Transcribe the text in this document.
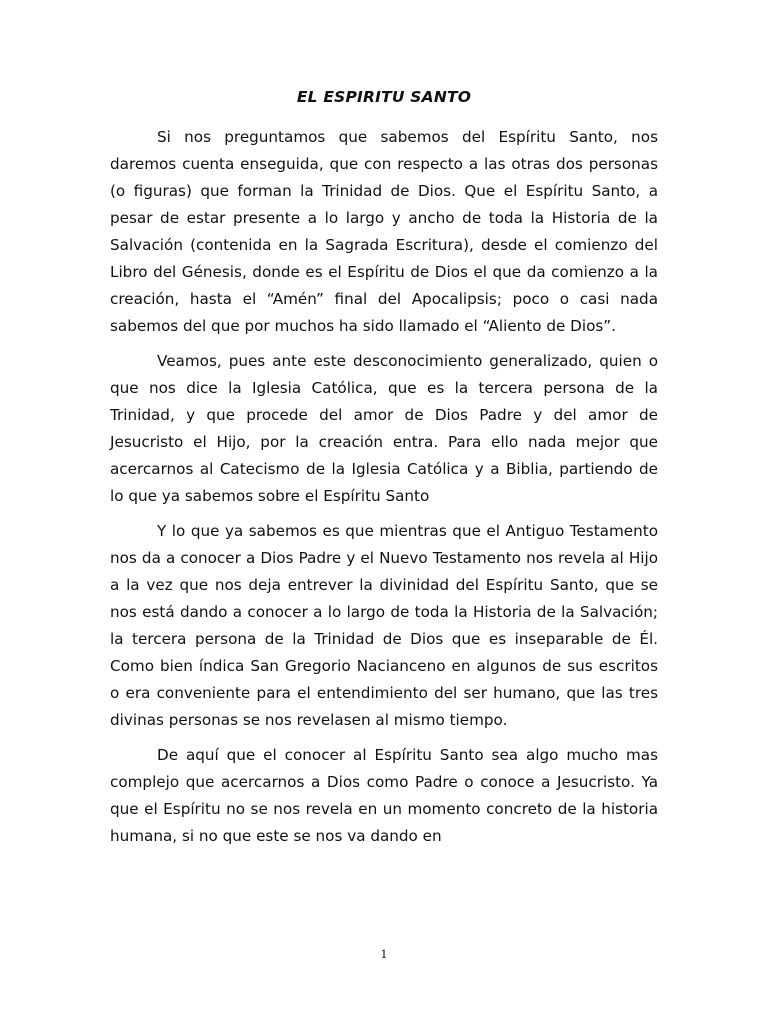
EL ESPIRITU SANTO

Si nos preguntamos que sabemos del Espíritu Santo, nos daremos cuenta enseguida, que con respecto a las otras dos personas (o figuras) que forman la Trinidad de Dios. Que el Espíritu Santo, a pesar de estar presente a lo largo y ancho de toda la Historia de la Salvación (contenida en la Sagrada Escritura), desde el comienzo del Libro del Génesis, donde es el Espíritu de Dios el que da comienzo a la creación, hasta el “Amén” final del Apocalipsis; poco o casi nada sabemos del que por muchos ha sido llamado el “Aliento de Dios”.

Veamos, pues ante este desconocimiento generalizado, quien o que nos dice la Iglesia Católica, que es la tercera persona de la Trinidad, y que procede del amor de Dios Padre y del amor de Jesucristo el Hijo, por la creación entra. Para ello nada mejor que acercarnos al Catecismo de la Iglesia Católica y a Biblia, partiendo de lo que ya sabemos sobre el Espíritu Santo

Y lo que ya sabemos es que mientras que el Antiguo Testamento nos da a conocer a Dios Padre y el Nuevo Testamento nos revela al Hijo a la vez que nos deja entrever la divinidad del Espíritu Santo, que se nos está dando a conocer a lo largo de toda la Historia de la Salvación; la tercera persona de la Trinidad de Dios que es inseparable de Él. Como bien índica San Gregorio Nacianceno en algunos de sus escritos o era conveniente para el entendimiento del ser humano, que las tres divinas personas se nos revelasen al mismo tiempo.

De aquí que el conocer al Espíritu Santo sea algo mucho mas complejo que acercarnos a Dios como Padre o conoce a Jesucristo. Ya que el Espíritu no se nos revela en un momento concreto de la historia humana, si no que este se nos va dando en

1
